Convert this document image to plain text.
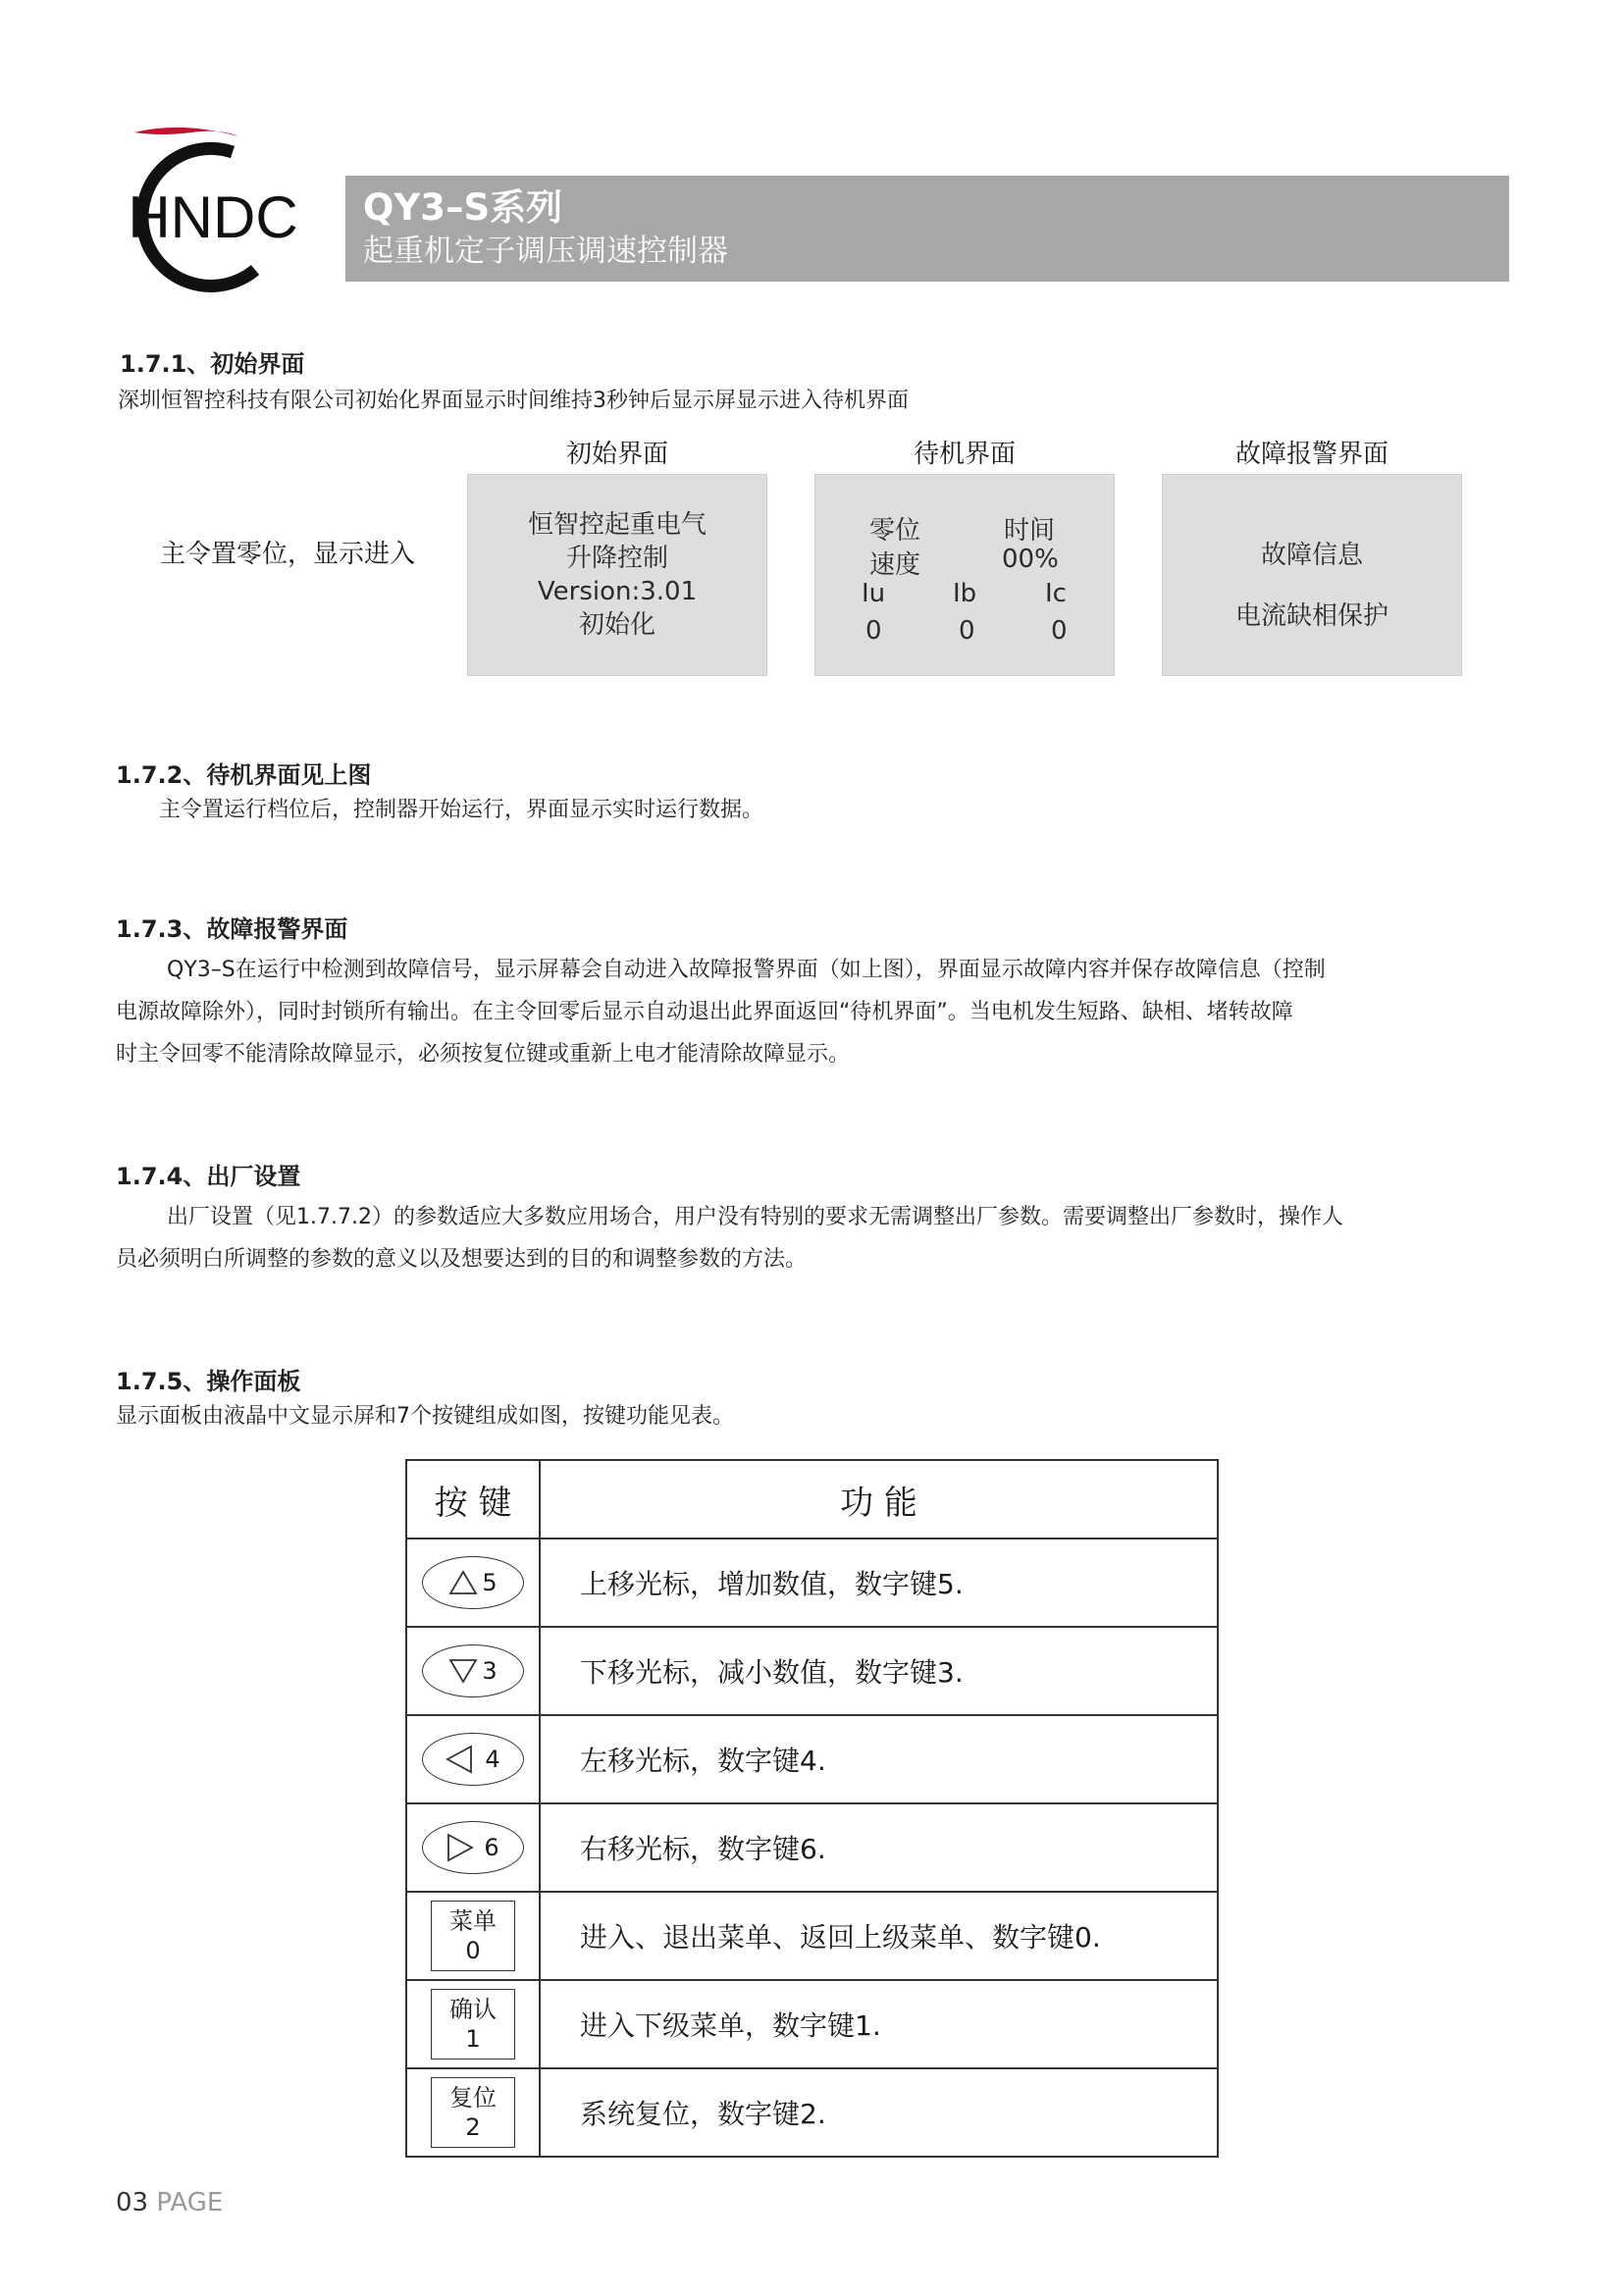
HNDC QY3–S系列
起重机定子调压调速控制器
1.7.1、初始界面
深圳恒智控科技有限公司初始化界面显示时间维持3秒钟后显示屏显示进入待机界面
主令置零位，显示进入
初始界面
恒智控起重电气
升降控制
Version:3.01
初始化
待机界面
零位	时间
速度	00%
Iu	Ib	Ic
0	0	0
故障报警界面
故障信息
电流缺相保护
1.7.2、待机界面见上图
主令置运行档位后，控制器开始运行，界面显示实时运行数据。
1.7.3、故障报警界面

QY3–S在运行中检测到故障信号，显示屏幕会自动进入故障报警界面（如上图），界面显示故障内容并保存故障信息（控制

电源故障除外），同时封锁所有输出。在主令回零后显示自动退出此界面返回“待机界面”。当电机发生短路、缺相、堵转故障

时主令回零不能清除故障显示，必须按复位键或重新上电才能清除故障显示。

1.7.4、出厂设置

出厂设置（见1.7.7.2）的参数适应大多数应用场合，用户没有特别的要求无需调整出厂参数。需要调整出厂参数时，操作人

员必须明白所调整的参数的意义以及想要达到的目的和调整参数的方法。

1.7.5、操作面板
显示面板由液晶中文显示屏和7个按键组成如图，按键功能见表。
按 键	功 能

5	上移光标，增加数值，数字键5.

3	下移光标，减小数值，数字键3.

4	左移光标，数字键4.

6	右移光标，数字键6.

菜单
0	进入、退出菜单、返回上级菜单、数字键0.

确认
1	进入下级菜单，数字键1.

复位
2	系统复位，数字键2.
03 PAGE
